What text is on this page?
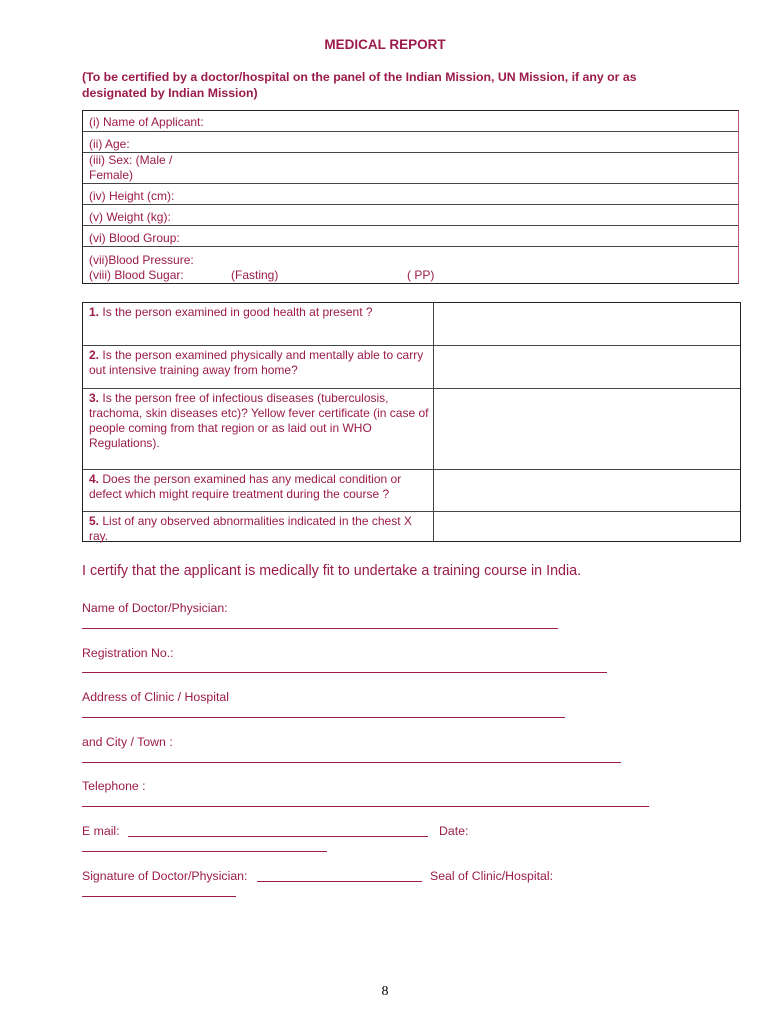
MEDICAL REPORT
(To be certified by a doctor/hospital on the panel of the Indian Mission, UN Mission, if any or as designated by Indian Mission)
(i) Name of Applicant:
(ii) Age:
(iii) Sex: (Male /
Female)
(iv) Height (cm):
(v) Weight (kg):
(vi) Blood Group:
(vii)Blood Pressure:
(viii) Blood Sugar:	(Fasting)	( PP)
1. Is the person examined in good health at present ?
2. Is the person examined physically and mentally able to carry out intensive training away from home?
3. Is the person free of infectious diseases (tuberculosis, trachoma, skin diseases etc)? Yellow fever certificate (in case of people coming from that region or as laid out in WHO Regulations).
4. Does the person examined has any medical condition or defect which might require treatment during the course ?
5. List of any observed abnormalities indicated in the chest X ray.
I certify that the applicant is medically fit to undertake a training course in India.
Name of Doctor/Physician:
Registration No.:
Address of Clinic / Hospital
and City / Town :
Telephone :
E mail:	Date:
Signature of Doctor/Physician:	Seal of Clinic/Hospital:
8
